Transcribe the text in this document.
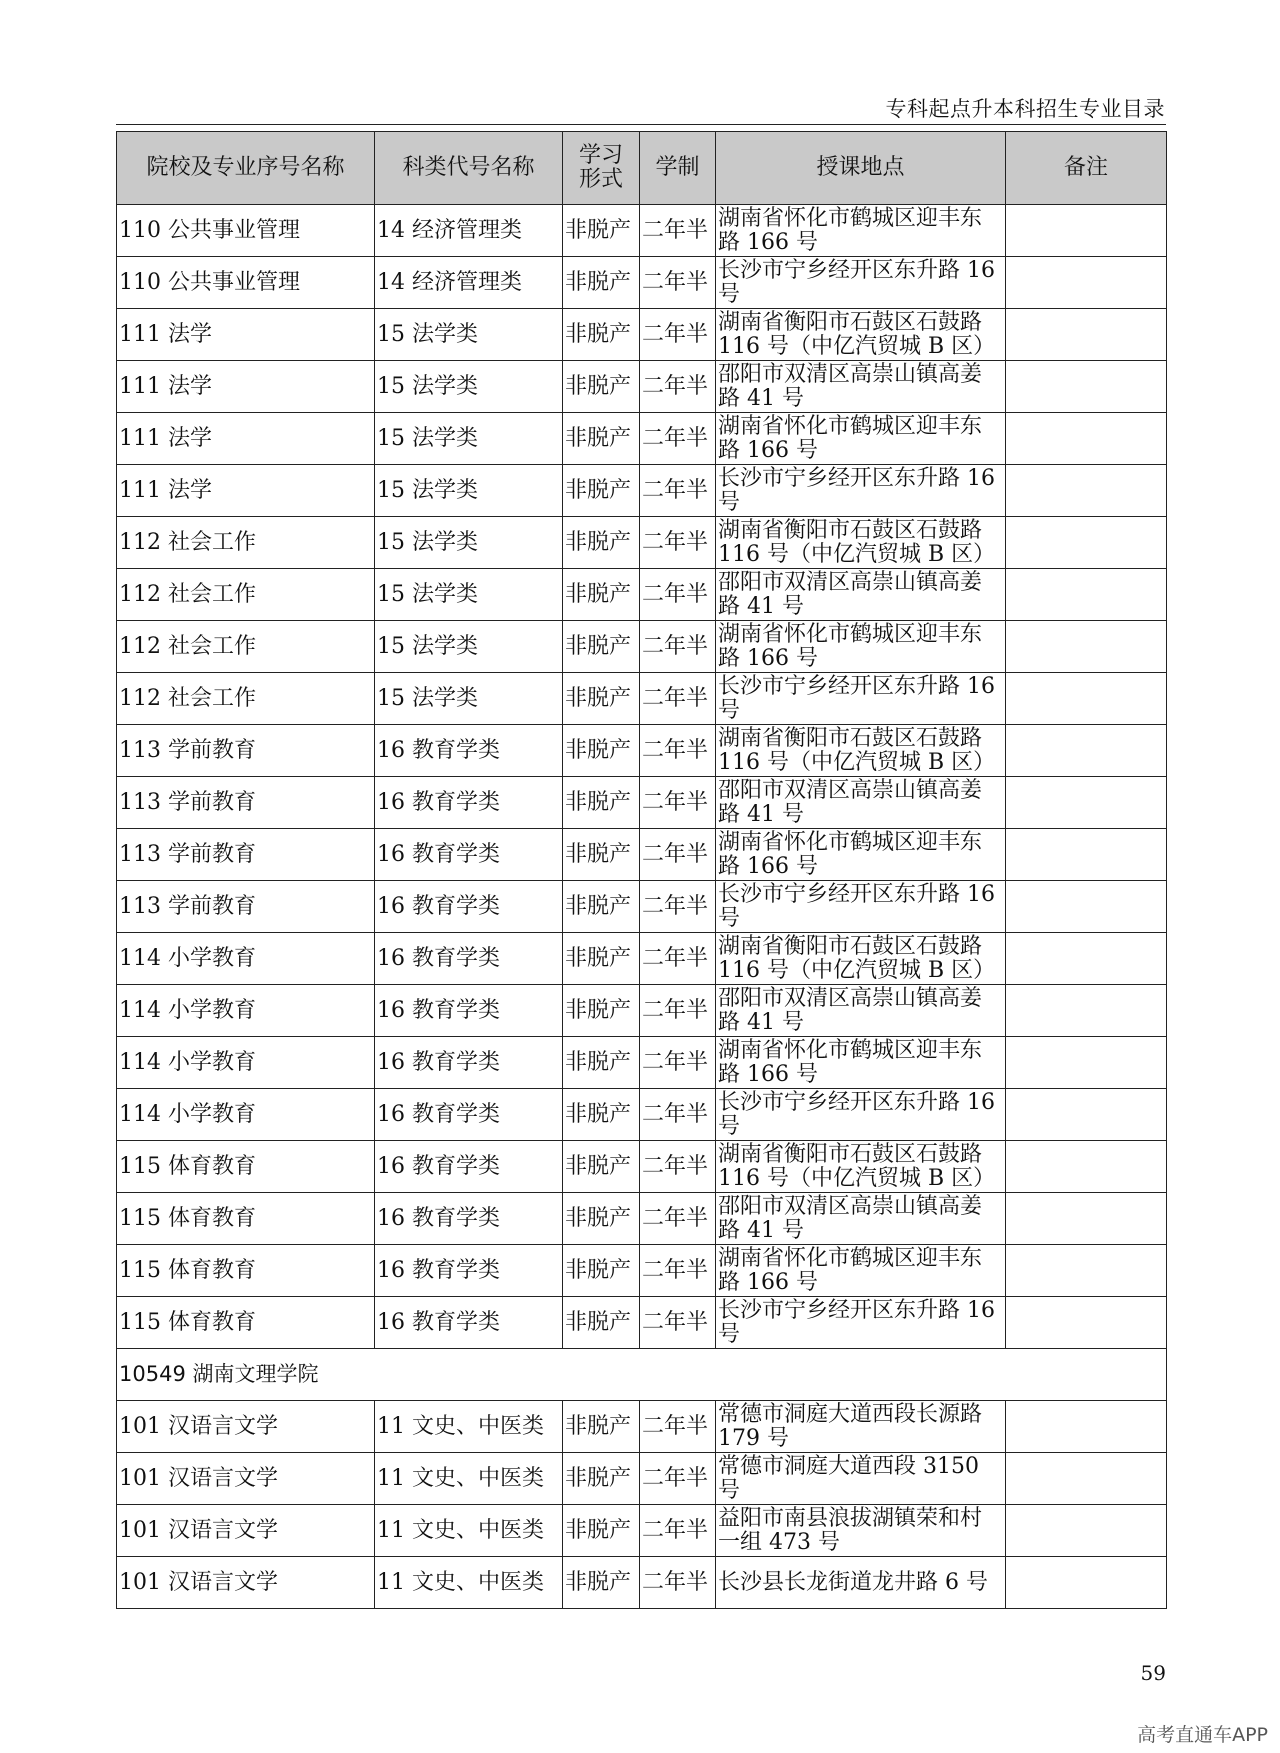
专科起点升本科招生专业目录
院校及专业序号名称	科类代号名称	学习
形式	学制	授课地点	备注
110 公共事业管理	14 经济管理类	非脱产	二年半	湖南省怀化市鹤城区迎丰东路 166 号	
110 公共事业管理	14 经济管理类	非脱产	二年半	长沙市宁乡经开区东升路 16 号	
111 法学	15 法学类	非脱产	二年半	湖南省衡阳市石鼓区石鼓路 116 号（中亿汽贸城 B 区）	
111 法学	15 法学类	非脱产	二年半	邵阳市双清区高崇山镇高姜路 41 号	
111 法学	15 法学类	非脱产	二年半	湖南省怀化市鹤城区迎丰东路 166 号	
111 法学	15 法学类	非脱产	二年半	长沙市宁乡经开区东升路 16 号	
112 社会工作	15 法学类	非脱产	二年半	湖南省衡阳市石鼓区石鼓路 116 号（中亿汽贸城 B 区）	
112 社会工作	15 法学类	非脱产	二年半	邵阳市双清区高崇山镇高姜路 41 号	
112 社会工作	15 法学类	非脱产	二年半	湖南省怀化市鹤城区迎丰东路 166 号	
112 社会工作	15 法学类	非脱产	二年半	长沙市宁乡经开区东升路 16 号	
113 学前教育	16 教育学类	非脱产	二年半	湖南省衡阳市石鼓区石鼓路 116 号（中亿汽贸城 B 区）	
113 学前教育	16 教育学类	非脱产	二年半	邵阳市双清区高崇山镇高姜路 41 号	
113 学前教育	16 教育学类	非脱产	二年半	湖南省怀化市鹤城区迎丰东路 166 号	
113 学前教育	16 教育学类	非脱产	二年半	长沙市宁乡经开区东升路 16 号	
114 小学教育	16 教育学类	非脱产	二年半	湖南省衡阳市石鼓区石鼓路 116 号（中亿汽贸城 B 区）	
114 小学教育	16 教育学类	非脱产	二年半	邵阳市双清区高崇山镇高姜路 41 号	
114 小学教育	16 教育学类	非脱产	二年半	湖南省怀化市鹤城区迎丰东路 166 号	
114 小学教育	16 教育学类	非脱产	二年半	长沙市宁乡经开区东升路 16 号	
115 体育教育	16 教育学类	非脱产	二年半	湖南省衡阳市石鼓区石鼓路 116 号（中亿汽贸城 B 区）	
115 体育教育	16 教育学类	非脱产	二年半	邵阳市双清区高崇山镇高姜路 41 号	
115 体育教育	16 教育学类	非脱产	二年半	湖南省怀化市鹤城区迎丰东路 166 号	
115 体育教育	16 教育学类	非脱产	二年半	长沙市宁乡经开区东升路 16 号	
10549 湖南文理学院					
101 汉语言文学	11 文史、中医类	非脱产	二年半	常德市洞庭大道西段长源路 179 号	
101 汉语言文学	11 文史、中医类	非脱产	二年半	常德市洞庭大道西段 3150 号	
101 汉语言文学	11 文史、中医类	非脱产	二年半	益阳市南县浪拔湖镇荣和村一组 473 号	
101 汉语言文学	11 文史、中医类	非脱产	二年半	长沙县长龙街道龙井路 6 号	
59
高考直通车APP
